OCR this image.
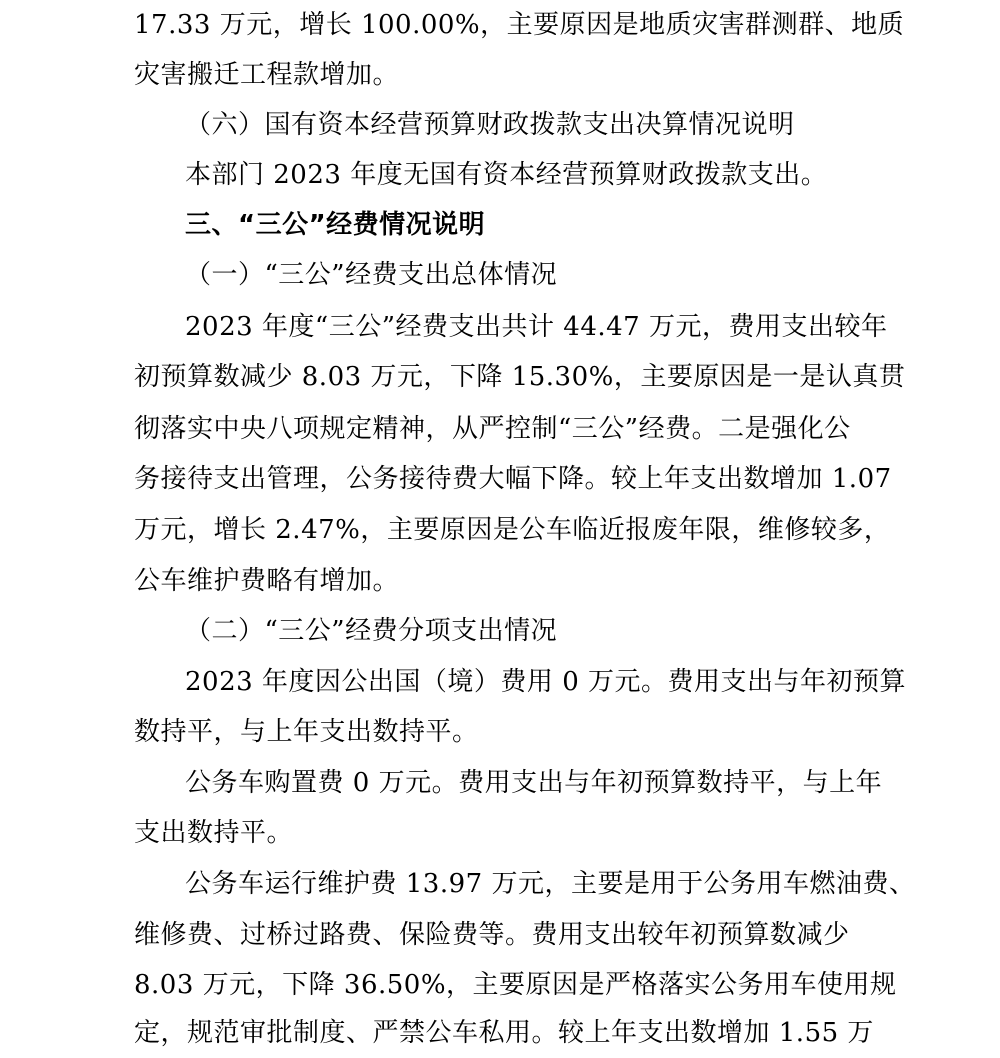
17.33 万元，增长 100.00%，主要原因是地质灾害群测群、地质
灾害搬迁工程款增加。
（六）国有资本经营预算财政拨款支出决算情况说明
本部门 2023 年度无国有资本经营预算财政拨款支出。
三、“三公”经费情况说明
（一）“三公”经费支出总体情况
2023 年度“三公”经费支出共计 44.47 万元，费用支出较年
初预算数减少 8.03 万元，下降 15.30%，主要原因是一是认真贯
彻落实中央八项规定精神，从严控制“三公”经费。二是强化公
务接待支出管理，公务接待费大幅下降。较上年支出数增加 1.07
万元，增长 2.47%，主要原因是公车临近报废年限，维修较多，
公车维护费略有增加。
（二）“三公”经费分项支出情况
2023 年度因公出国（境）费用 0 万元。费用支出与年初预算
数持平，与上年支出数持平。
公务车购置费 0 万元。费用支出与年初预算数持平，与上年
支出数持平。
公务车运行维护费 13.97 万元，主要是用于公务用车燃油费、
维修费、过桥过路费、保险费等。费用支出较年初预算数减少
8.03 万元，下降 36.50%，主要原因是严格落实公务用车使用规
定，规范审批制度、严禁公车私用。较上年支出数增加 1.55 万
